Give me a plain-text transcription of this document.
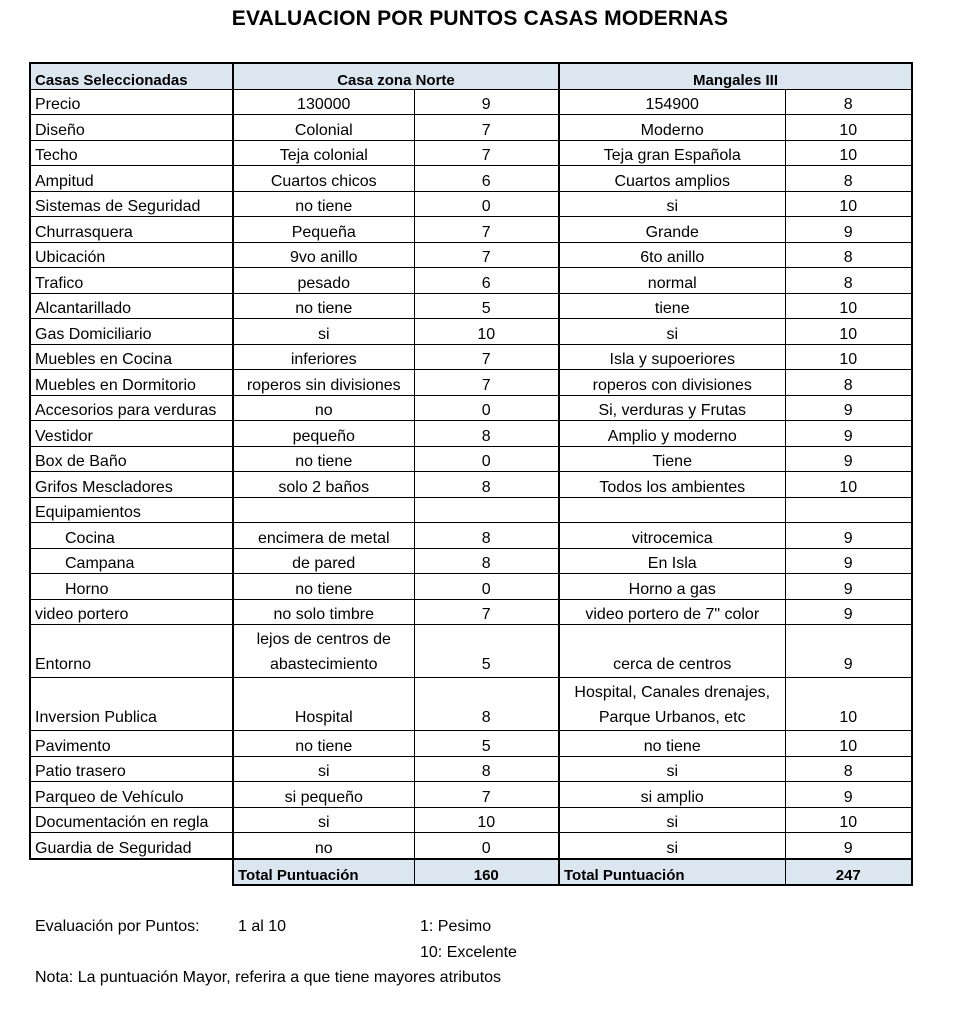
EVALUACION POR PUNTOS CASAS MODERNAS
Casas Seleccionadas	Casa zona Norte		Mangales III	
Precio	130000	9	154900	8
Diseño	Colonial	7	Moderno	10
Techo	Teja colonial	7	Teja gran Española	10
Ampitud	Cuartos chicos	6	Cuartos amplios	8
Sistemas de Seguridad	no tiene	0	si	10
Churrasquera	Pequeña	7	Grande	9
Ubicación	9vo anillo	7	6to anillo	8
Trafico	pesado	6	normal	8
Alcantarillado	no tiene	5	tiene	10
Gas Domiciliario	si	10	si	10
Muebles en Cocina	inferiores	7	Isla y supoeriores	10
Muebles en Dormitorio	roperos sin divisiones	7	roperos con divisiones	8
Accesorios para verduras	no	0	Si, verduras y Frutas	9
Vestidor	pequeño	8	Amplio y moderno	9
Box de Baño	no tiene	0	Tiene	9
Grifos Mescladores	solo 2 baños	8	Todos los ambientes	10
Equipamientos				
Cocina	encimera de metal	8	vitrocemica	9
Campana	de pared	8	En Isla	9
Horno	no tiene	0	Horno a gas	9
video portero	no solo timbre	7	video portero de 7" color	9
Entorno	lejos de centros de abastecimiento	5	cerca de centros	9
Inversion Publica	Hospital	8	Hospital, Canales drenajes, Parque Urbanos, etc	10
Pavimento	no tiene	5	no tiene	10
Patio trasero	si	8	si	8
Parqueo de Vehículo	si pequeño	7	si amplio	9
Documentación en regla	si	10	si	10
Guardia de Seguridad	no	0	si	9
	Total Puntuación	160	Total Puntuación	247
Evaluación por Puntos: 1 al 10	1: Pesimo
10: Excelente
Nota: La puntuación Mayor, referira a que tiene mayores atributos
